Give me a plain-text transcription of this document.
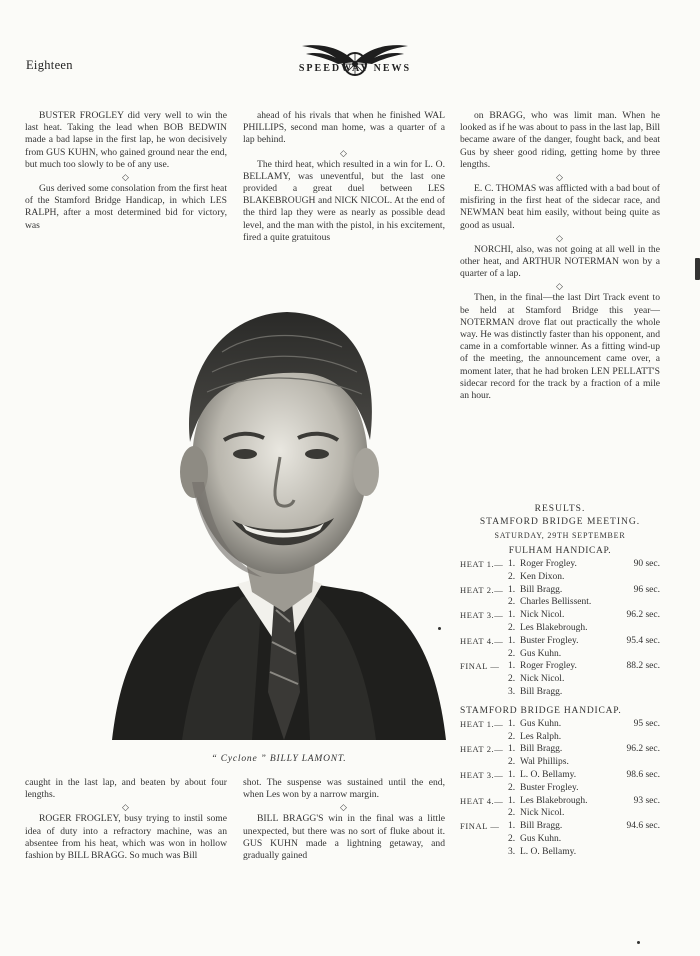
Eighteen	SPEEDWAY NEWS

BUSTER FROGLEY did very well to win the last heat. Taking the lead when BOB BEDWIN made a bad lapse in the first lap, he won decisively from GUS KUHN, who gained ground near the end, but much too slowly to be of any use.

◇

Gus derived some consolation from the first heat of the Stamford Bridge Handicap, in which LES RALPH, after a most determined bid for victory, was

ahead of his rivals that when he finished WAL PHILLIPS, second man home, was a quarter of a lap behind.

◇

The third heat, which resulted in a win for L. O. BELLAMY, was uneventful, but the last one provided a great duel between LES BLAKEBROUGH and NICK NICOL. At the end of the third lap they were as nearly as possible dead level, and the man with the pistol, in his excitement, fired a quite gratuitous

on BRAGG, who was limit man. When he looked as if he was about to pass in the last lap, Bill became aware of the danger, fought back, and beat Gus by sheer good riding, getting home by three lengths.

◇

E. C. THOMAS was afflicted with a bad bout of misfiring in the first heat of the sidecar race, and NEWMAN beat him easily, without being quite as good as usual.

◇

NORCHI, also, was not going at all well in the other heat, and ARTHUR NOTERMAN won by a quarter of a lap.

◇

Then, in the final—the last Dirt Track event to be held at Stamford Bridge this year—NOTERMAN drove flat out practically the whole way. He was distinctly faster than his opponent, and came in a comfortable winner. As a fitting wind-up of the meeting, the announcement came over, a moment later, that he had broken LEN PELLATT'S sidecar record for the track by a fraction of a mile an hour.

“ Cyclone ” BILLY LAMONT.

caught in the last lap, and beaten by about four lengths.

◇

ROGER FROGLEY, busy trying to instil some idea of duty into a refractory machine, was an absentee from his heat, which was won in hollow fashion by BILL BRAGG. So much was Bill

shot. The suspense was sustained until the end, when Les won by a narrow margin.

◇

BILL BRAGG'S win in the final was a little unexpected, but there was no sort of fluke about it. GUS KUHN made a lightning getaway, and gradually gained

RESULTS.
STAMFORD BRIDGE MEETING.
SATURDAY, 29TH SEPTEMBER
FULHAM HANDICAP.
HEAT 1.— 1. Roger Frogley.	90 sec.
2. Ken Dixon.
HEAT 2.— 1. Bill Bragg.	96 sec.
2. Charles Bellissent.
HEAT 3.— 1. Nick Nicol.	96.2 sec.
2. Les Blakebrough.
HEAT 4.— 1. Buster Frogley.	95.4 sec.
2. Gus Kuhn.
FINAL — 1. Roger Frogley.	88.2 sec.
2. Nick Nicol.
3. Bill Bragg.
STAMFORD BRIDGE HANDICAP.
HEAT 1.— 1. Gus Kuhn.	95 sec.
2. Les Ralph.
HEAT 2.— 1. Bill Bragg.	96.2 sec.
2. Wal Phillips.
HEAT 3.— 1. L. O. Bellamy.	98.6 sec.
2. Buster Frogley.
HEAT 4.— 1. Les Blakebrough.	93 sec.
2. Nick Nicol.
FINAL — 1. Bill Bragg.	94.6 sec.
2. Gus Kuhn.
3. L. O. Bellamy.
